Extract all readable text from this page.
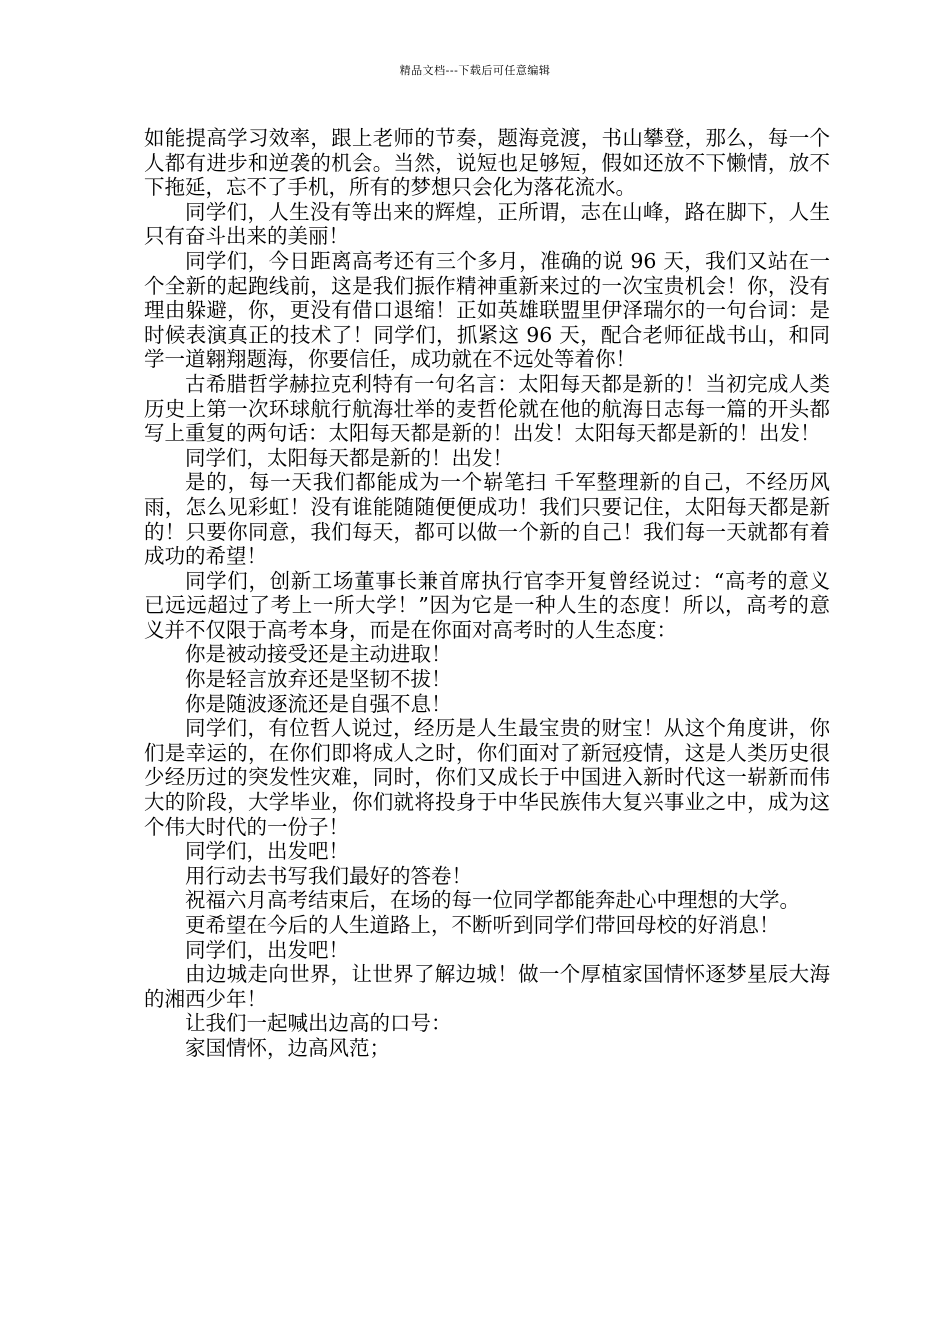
精品文档---下载后可任意编辑

如能提高学习效率，跟上老师的节奏，题海竞渡，书山攀登，那么，每一个人都有进步和逆袭的机会。当然，说短也足够短，假如还放不下懒情，放不下拖延，忘不了手机，所有的梦想只会化为落花流水。

同学们，人生没有等出来的辉煌，正所谓，志在山峰，路在脚下，人生只有奋斗出来的美丽！

同学们，今日距离高考还有三个多月，准确的说 96 天，我们又站在一个全新的起跑线前，这是我们振作精神重新来过的一次宝贵机会！你，没有理由躲避，你，更没有借口退缩！正如英雄联盟里伊泽瑞尔的一句台词：是时候表演真正的技术了！同学们，抓紧这 96 天，配合老师征战书山，和同学一道翱翔题海，你要信任，成功就在不远处等着你！

古希腊哲学赫拉克利特有一句名言：太阳每天都是新的！当初完成人类历史上第一次环球航行航海壮举的麦哲伦就在他的航海日志每一篇的开头都写上重复的两句话：太阳每天都是新的！出发！太阳每天都是新的！出发！

同学们，太阳每天都是新的！出发！

是的，每一天我们都能成为一个崭笔扫 千军整理新的自己，不经历风雨，怎么见彩虹！没有谁能随随便便成功！我们只要记住，太阳每天都是新的！只要你同意，我们每天，都可以做一个新的自己！我们每一天就都有着成功的希望！

同学们，创新工场董事长兼首席执行官李开复曾经说过：“高考的意义已远远超过了考上一所大学！”因为它是一种人生的态度！所以，高考的意义并不仅限于高考本身，而是在你面对高考时的人生态度：

你是被动接受还是主动进取！

你是轻言放弃还是坚韧不拔！

你是随波逐流还是自强不息！

同学们，有位哲人说过，经历是人生最宝贵的财宝！从这个角度讲，你们是幸运的，在你们即将成人之时，你们面对了新冠疫情，这是人类历史很少经历过的突发性灾难，同时，你们又成长于中国进入新时代这一崭新而伟大的阶段，大学毕业，你们就将投身于中华民族伟大复兴事业之中，成为这个伟大时代的一份子！

同学们，出发吧！

用行动去书写我们最好的答卷！

祝福六月高考结束后，在场的每一位同学都能奔赴心中理想的大学。

更希望在今后的人生道路上，不断听到同学们带回母校的好消息！

同学们，出发吧！

由边城走向世界，让世界了解边城！做一个厚植家国情怀逐梦星辰大海的湘西少年！

让我们一起喊出边高的口号：

家国情怀，边高风范；
